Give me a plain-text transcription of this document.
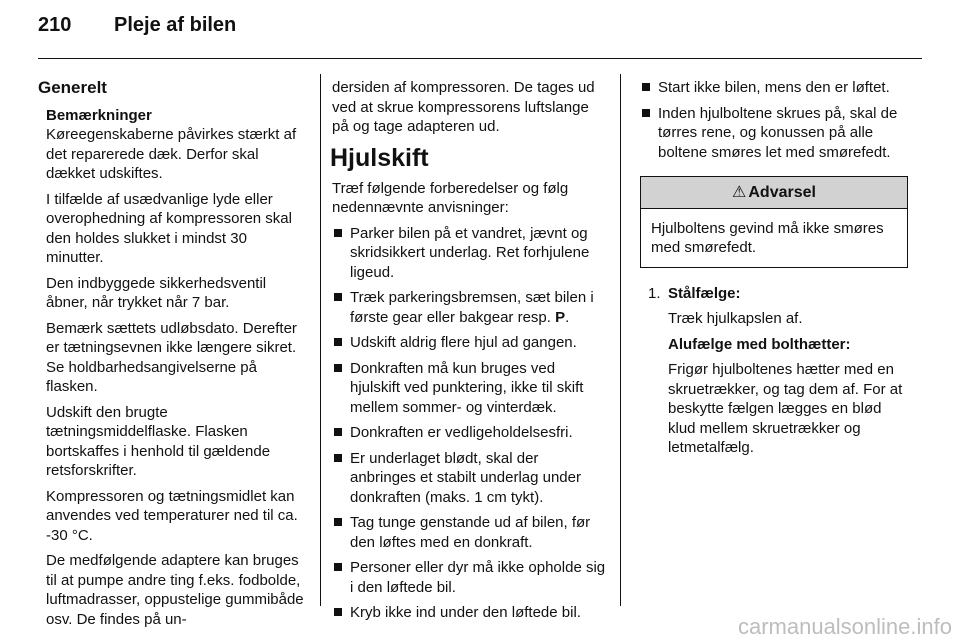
210 Pleje af bilen
Generelt
Bemærkninger

Køreegenskaberne påvirkes stærkt af det reparerede dæk. Derfor skal dækket udskiftes.

I tilfælde af usædvanlige lyde eller overophedning af kompressoren skal den holdes slukket i mindst 30 minutter.

Den indbyggede sikkerhedsventil åbner, når trykket når 7 bar.

Bemærk sættets udløbsdato. Derefter er tætningsevnen ikke længere sikret. Se holdbarhedsangivelserne på flasken.

Udskift den brugte tætningsmiddelflaske. Flasken bortskaffes i henhold til gældende retsforskrifter.

Kompressoren og tætningsmidlet kan anvendes ved temperaturer ned til ca. -30 °C.

De medfølgende adaptere kan bruges til at pumpe andre ting f.eks. fodbolde, luftmadrasser, oppustelige gummibåde osv. De findes på un-

dersiden af kompressoren. De tages ud ved at skrue kompressorens luftslange på og tage adapteren ud.

Hjulskift

Træf følgende forberedelser og følg nedennævnte anvisninger:

Parker bilen på et vandret, jævnt og skridsikkert underlag. Ret forhjulene ligeud.
Træk parkeringsbremsen, sæt bilen i første gear eller bakgear resp. P.
Udskift aldrig flere hjul ad gangen.
Donkraften må kun bruges ved hjulskift ved punktering, ikke til skift mellem sommer- og vinterdæk.
Donkraften er vedligeholdelsesfri.
Er underlaget blødt, skal der anbringes et stabilt underlag under donkraften (maks. 1 cm tykt).
Tag tunge genstande ud af bilen, før den løftes med en donkraft.
Personer eller dyr må ikke opholde sig i den løftede bil.
Kryb ikke ind under den løftede bil.
Start ikke bilen, mens den er løftet.
Inden hjulboltene skrues på, skal de tørres rene, og konussen på alle boltene smøres let med smørefedt.
⚠ Advarsel
Hjulboltens gevind må ikke smøres med smørefedt.
1. Stålfælge:

Træk hjulkapslen af.

Alufælge med bolthætter:

Frigør hjulboltenes hætter med en skruetrækker, og tag dem af. For at beskytte fælgen lægges en blød klud mellem skruetrækker og letmetalfælg.

carmanualsonline.info
